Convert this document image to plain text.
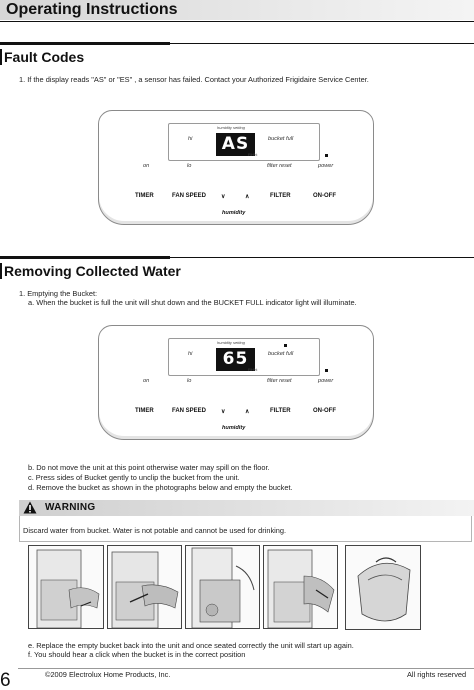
Operating Instructions
Fault Codes
1. If the display reads "AS" or "ES" , a sensor has failed. Contact your Authorized Frigidaire Service Center.
humidity setting
hi	AS
RH%
bucket full
on	lo	filter reset	power
TIMER	FAN SPEED ∨	∧	FILTER	ON-OFF
humidity
Removing Collected Water
1. Emptying the Bucket:
a. When the bucket is full the unit will shut down and the BUCKET FULL indicator light will illuminate.
humidity setting
hi	65
RH%
bucket full
on	lo	filter reset	power
TIMER	FAN SPEED ∨	∧	FILTER	ON-OFF
humidity
b. Do not move the unit at this point otherwise water may spill on the floor.
c. Press sides of Bucket gently to unclip the bucket from the unit.
d. Remove the bucket as shown in the photographs below and empty the bucket.
WARNING
Discard water from bucket. Water is not potable and cannot be used for drinking.
e. Replace the empty bucket back into the unit and once seated correctly the unit will start up again.
f. You should hear a click when the bucket is in the correct position
6	©2009 Electrolux Home Products, Inc.	All rights reserved
